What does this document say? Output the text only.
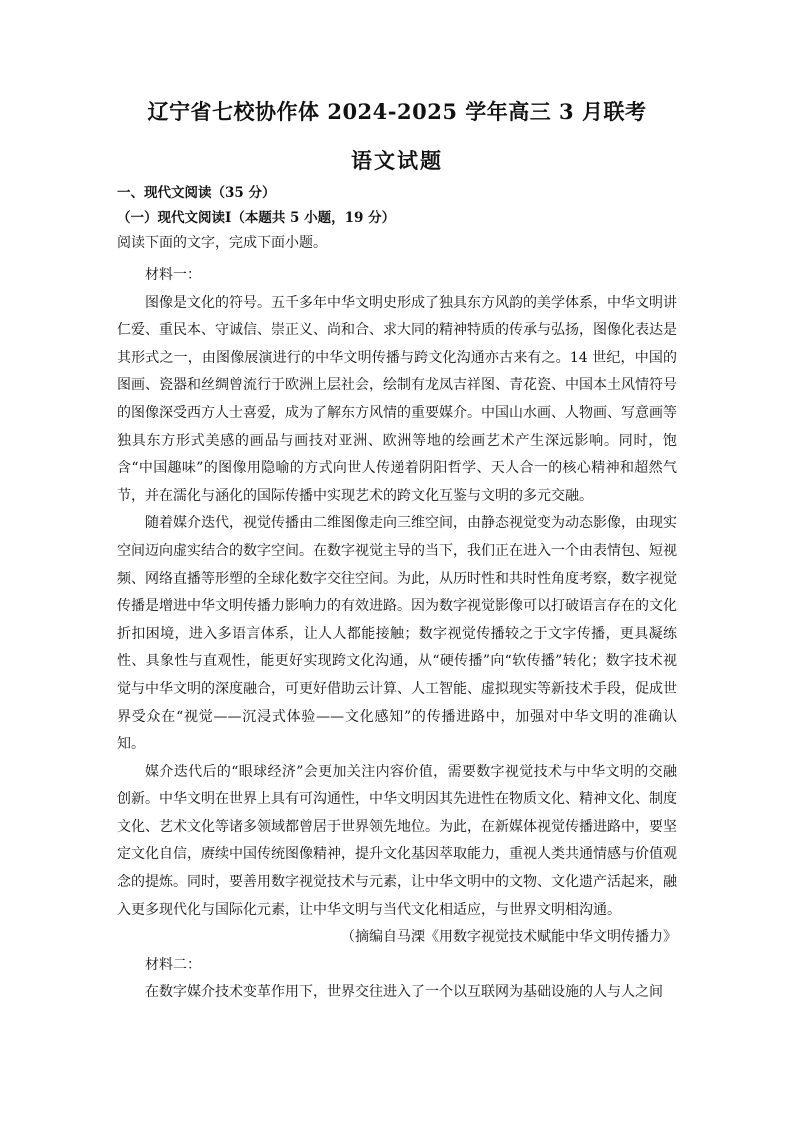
辽宁省七校协作体 2024-2025 学年高三 3 月联考
语文试题
一、现代文阅读（35 分）
（一）现代文阅读Ⅰ（本题共 5 小题，19 分）
阅读下面的文字，完成下面小题。

材料一：

图像是文化的符号。五千多年中华文明史形成了独具东方风韵的美学体系，中华文明讲仁爱、重民本、守诚信、崇正义、尚和合、求大同的精神特质的传承与弘扬，图像化表达是其形式之一，由图像展演进行的中华文明传播与跨文化沟通亦古来有之。14 世纪，中国的图画、瓷器和丝绸曾流行于欧洲上层社会，绘制有龙凤吉祥图、青花瓷、中国本土风情符号的图像深受西方人士喜爱，成为了解东方风情的重要媒介。中国山水画、人物画、写意画等独具东方形式美感的画品与画技对亚洲、欧洲等地的绘画艺术产生深远影响。同时，饱含“中国趣味”的图像用隐喻的方式向世人传递着阴阳哲学、天人合一的核心精神和超然气节，并在濡化与涵化的国际传播中实现艺术的跨文化互鉴与文明的多元交融。

随着媒介迭代，视觉传播由二维图像走向三维空间，由静态视觉变为动态影像，由现实空间迈向虚实结合的数字空间。在数字视觉主导的当下，我们正在进入一个由表情包、短视频、网络直播等形塑的全球化数字交往空间。为此，从历时性和共时性角度考察，数字视觉传播是增进中华文明传播力影响力的有效进路。因为数字视觉影像可以打破语言存在的文化折扣困境，进入多语言体系，让人人都能接触；数字视觉传播较之于文字传播，更具凝练性、具象性与直观性，能更好实现跨文化沟通，从“硬传播”向“软传播”转化；数字技术视觉与中华文明的深度融合，可更好借助云计算、人工智能、虚拟现实等新技术手段，促成世界受众在“视觉——沉浸式体验——文化感知”的传播进路中，加强对中华文明的准确认知。

媒介迭代后的“眼球经济”会更加关注内容价值，需要数字视觉技术与中华文明的交融创新。中华文明在世界上具有可沟通性，中华文明因其先进性在物质文化、精神文化、制度文化、艺术文化等诸多领域都曾居于世界领先地位。为此，在新媒体视觉传播进路中，要坚定文化自信，赓续中国传统图像精神，提升文化基因萃取能力，重视人类共通情感与价值观念的提炼。同时，要善用数字视觉技术与元素，让中华文明中的文物、文化遗产活起来，融入更多现代化与国际化元素，让中华文明与当代文化相适应，与世界文明相沟通。

（摘编自马溧《用数字视觉技术赋能中华文明传播力》

材料二：

在数字媒介技术变革作用下，世界交往进入了一个以互联网为基础设施的人与人之间
